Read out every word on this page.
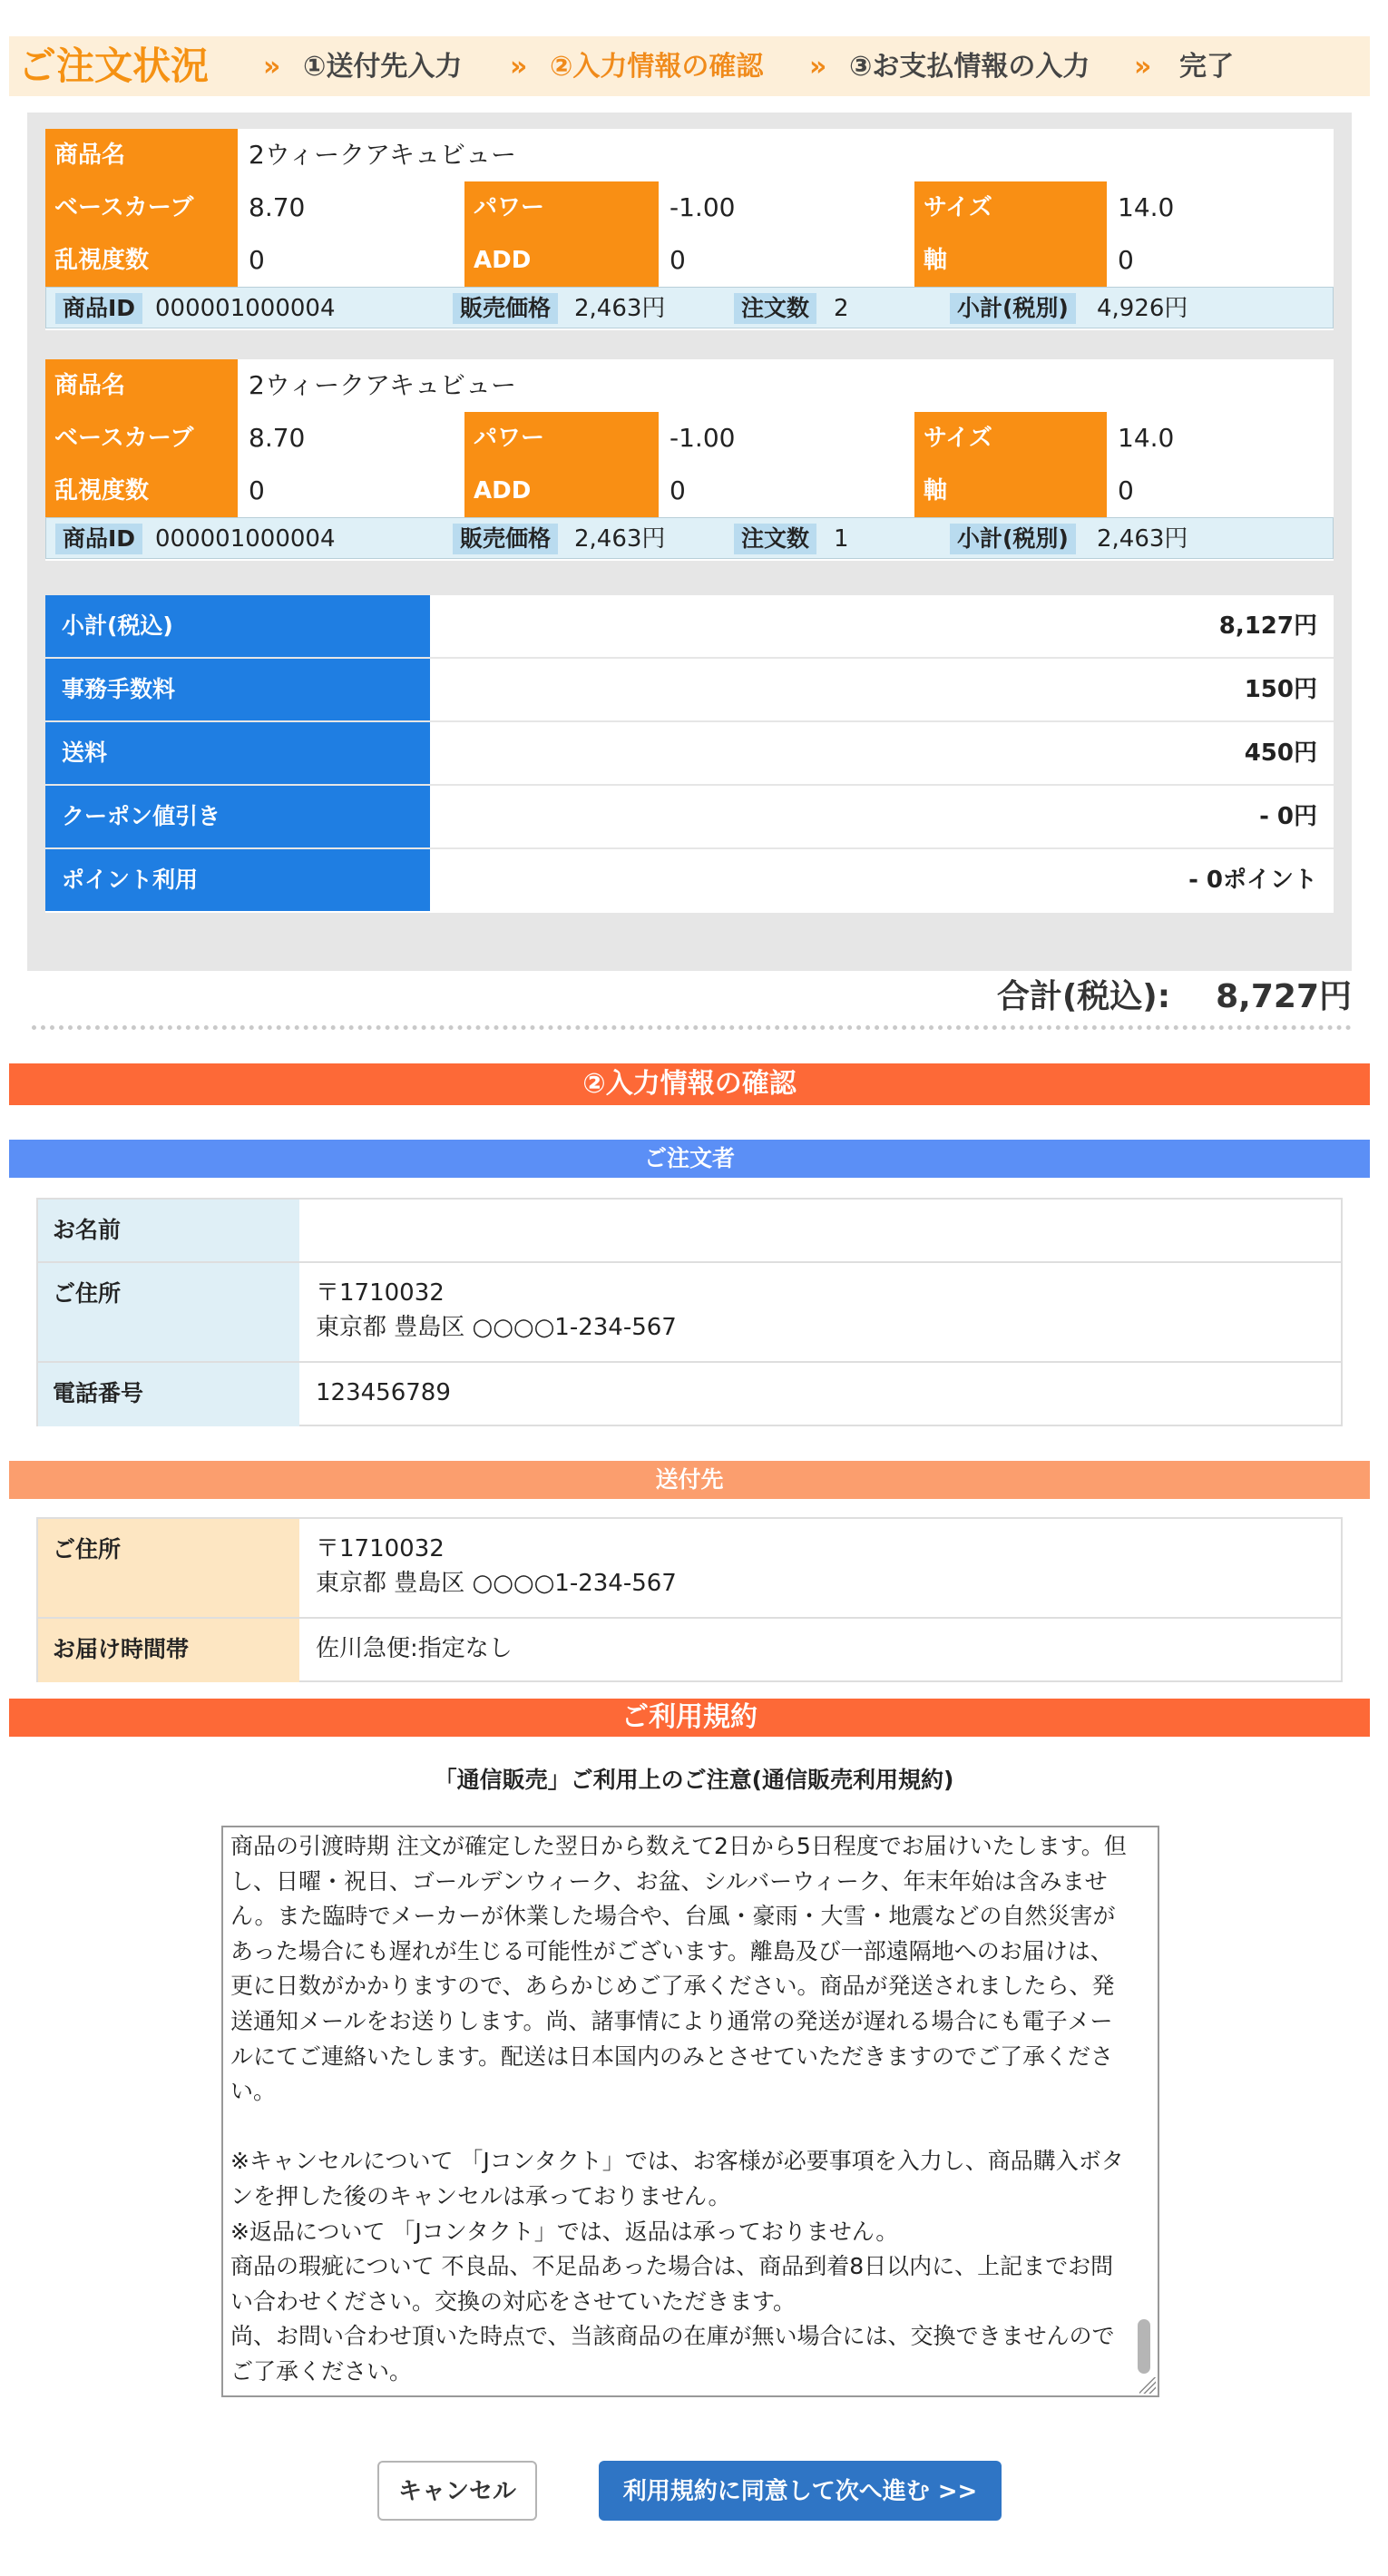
ご注文状況 » ①送付先入力 » ②入力情報の確認 » ③お支払情報の入力 » 完了
商品名	2ウィークアキュビュー
ベースカーブ	8.70	パワー	-1.00	サイズ	14.0
乱視度数	0	ADD	0	軸	0
商品ID 000001000004	販売価格 2,463円	注文数	2	小計(税別)	4,926円
商品名	2ウィークアキュビュー
ベースカーブ	8.70	パワー	-1.00	サイズ	14.0
乱視度数	0	ADD	0	軸	0
商品ID 000001000004	販売価格 2,463円	注文数	1	小計(税別)	2,463円
小計(税込)	8,127円
事務手数料	150円
送料	450円
クーポン値引き	- 0円
ポイント利用	- 0ポイント
合計(税込): 8,727円
②入力情報の確認
ご注文者
お名前
ご住所	〒1710032
東京都 豊島区 ○○○○1-234-567
電話番号	123456789
送付先
ご住所	〒1710032
東京都 豊島区 ○○○○1-234-567
お届け時間帯	佐川急便:指定なし
ご利用規約
「通信販売」ご利用上のご注意(通信販売利用規約)
商品の引渡時期 注文が確定した翌日から数えて2日から5日程度でお届けいたします。但し、日曜・祝日、ゴールデンウィーク、お盆、シルバーウィーク、年末年始は含みません。また臨時でメーカーが休業した場合や、台風・豪雨・大雪・地震などの自然災害があった場合にも遅れが生じる可能性がございます。離島及び一部遠隔地へのお届けは、更に日数がかかりますので、あらかじめご了承ください。商品が発送されましたら、発送通知メールをお送りします。尚、諸事情により通常の発送が遅れる場合にも電子メールにてご連絡いたします。配送は日本国内のみとさせていただきますのでご了承ください。

※キャンセルについて 「Jコンタクト」では、お客様が必要事項を入力し、商品購入ボタンを押した後のキャンセルは承っておりません。
※返品について 「Jコンタクト」では、返品は承っておりません。
商品の瑕疵について 不良品、不足品あった場合は、商品到着8日以内に、上記までお問い合わせください。交換の対応をさせていただきます。
尚、お問い合わせ頂いた時点で、当該商品の在庫が無い場合には、交換できませんのでご了承ください。
キャンセル	利用規約に同意して次へ進む >>
